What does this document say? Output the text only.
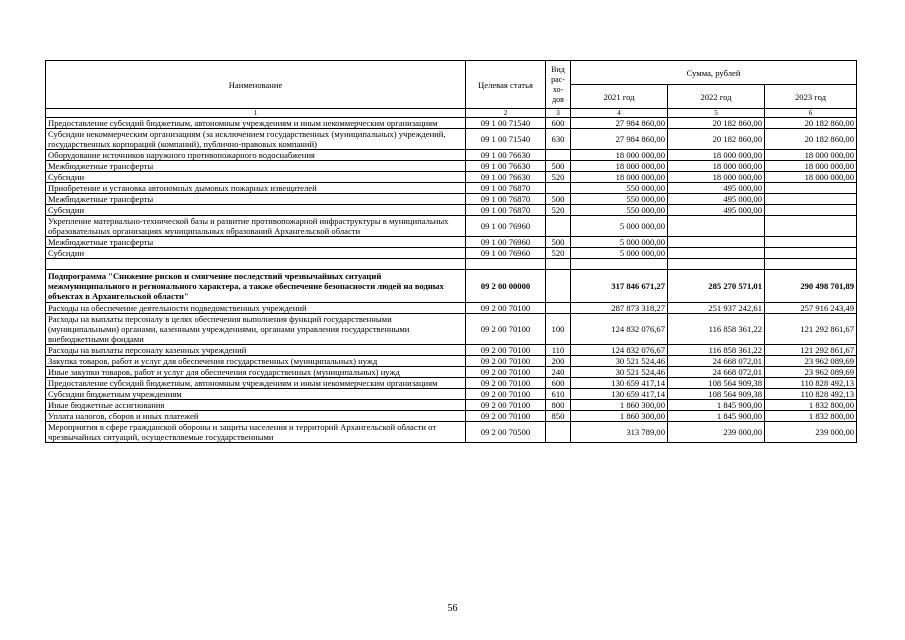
Наименование	Целевая статья	Вид рас- хо- дов	Сумма, рублей		
			2021 год	2022 год	2023 год
1	2	3	4	5	6
Предоставление субсидий бюджетным, автономным учреждениям и иным некоммерческим организациям	09 1 00 71540	600	27 984 860,00	20 182 860,00	20 182 860,00
Субсидии некоммерческим организациям (за исключением государственных (муниципальных) учреждений, государственных корпораций (компаний), публично-правовых компаний)	09 1 00 71540	630	27 984 860,00	20 182 860,00	20 182 860,00
Оборудование источников наружного противопожарного водоснабжения	09 1 00 76630		18 000 000,00	18 000 000,00	18 000 000,00
Межбюджетные трансферты	09 1 00 76630	500	18 000 000,00	18 000 000,00	18 000 000,00
Субсидии	09 1 00 76630	520	18 000 000,00	18 000 000,00	18 000 000,00
Приобретение и установка автономных дымовых пожарных извещателей	09 1 00 76870		550 000,00	495 000,00	
Межбюджетные трансферты	09 1 00 76870	500	550 000,00	495 000,00	
Субсидии	09 1 00 76870	520	550 000,00	495 000,00	
Укрепление материально-технической базы и развитие противопожарной инфраструктуры в муниципальных образовательных организациях муниципальных образований Архангельской области	09 1 00 76960		5 000 000,00		
Межбюджетные трансферты	09 1 00 76960	500	5 000 000,00		
Субсидии	09 1 00 76960	520	5 000 000,00		

Подпрограмма "Снижение рисков и смягчение последствий чрезвычайных ситуаций межмуниципального и регионального характера, а также обеспечение безопасности людей на водных объектах в Архангельской области"	09 2 00 00000		317 846 671,27	285 270 571,01	290 498 701,89
Расходы на обеспечение деятельности подведомственных учреждений	09 2 00 70100		287 873 318,27	251 937 242,61	257 916 243,49
Расходы на выплаты персоналу в целях обеспечения выполнения функций государственными (муниципальными) органами, казенными учреждениями, органами управления государственными внебюджетными фондами	09 2 00 70100	100	124 832 076,67	116 858 361,22	121 292 861,67
Расходы на выплаты персоналу казенных учреждений	09 2 00 70100	110	124 832 076,67	116 858 361,22	121 292 861,67
Закупка товаров, работ и услуг для обеспечения государственных (муниципальных) нужд	09 2 00 70100	200	30 521 524,46	24 668 072,01	23 962 089,69
Иные закупки товаров, работ и услуг для обеспечения государственных (муниципальных) нужд	09 2 00 70100	240	30 521 524,46	24 668 072,01	23 962 089,69
Предоставление субсидий бюджетным, автономным учреждениям и иным некоммерческим организациям	09 2 00 70100	600	130 659 417,14	108 564 909,38	110 828 492,13
Субсидии бюджетным учреждениям	09 2 00 70100	610	130 659 417,14	108 564 909,38	110 828 492,13
Иные бюджетные ассигнования	09 2 00 70100	800	1 860 300,00	1 845 900,00	1 832 800,00
Уплата налогов, сборов и иных платежей	09 2 00 70100	850	1 860 300,00	1 845 900,00	1 832 800,00
Мероприятия в сфере гражданской обороны и защиты населения и территорий Архангельской области от чрезвычайных ситуаций, осуществляемые государственными	09 2 00 70500		313 789,00	239 000,00	239 000,00
56
